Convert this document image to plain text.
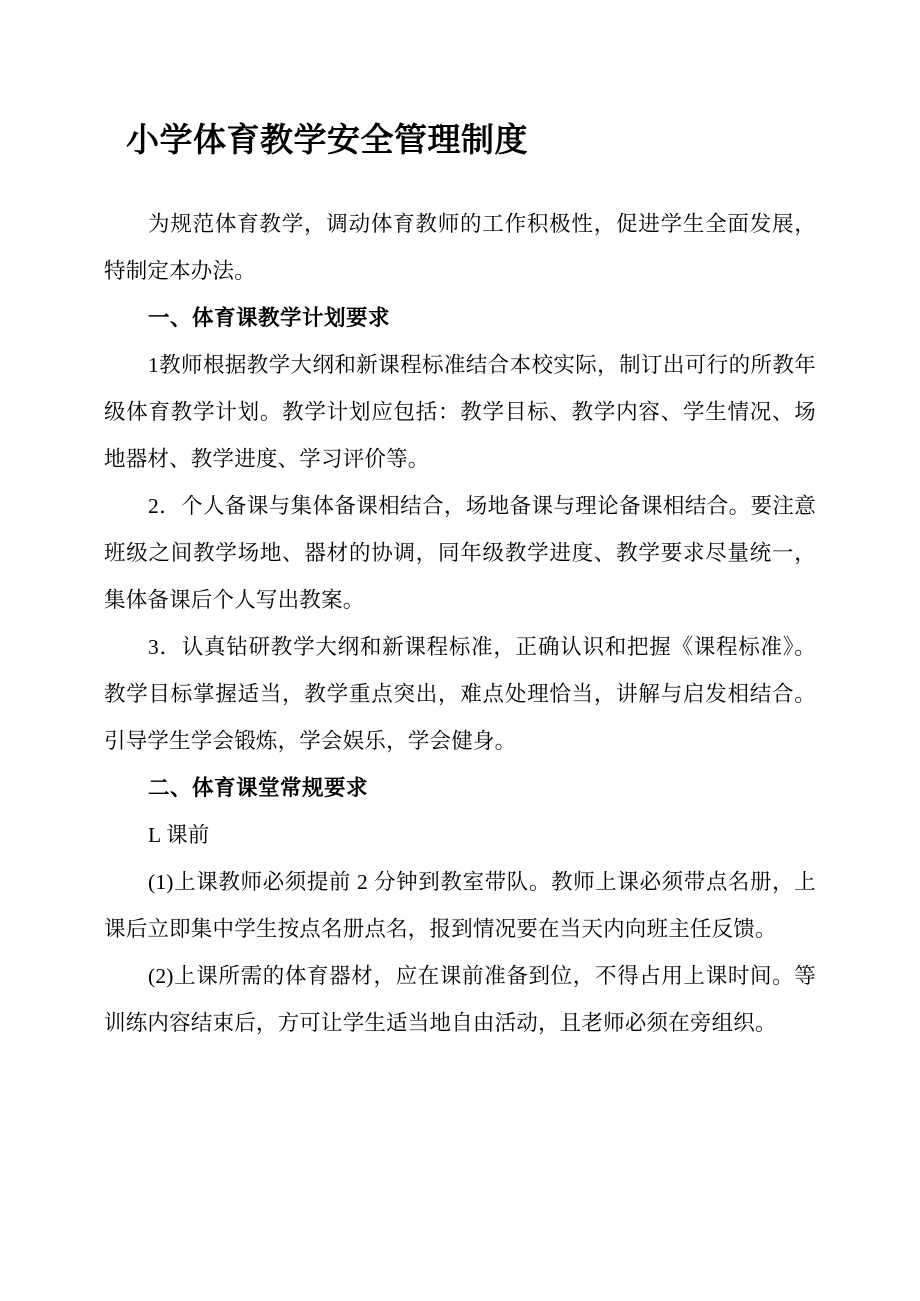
小学体育教学安全管理制度

为规范体育教学，调动体育教师的工作积极性，促进学生全面发展，特制定本办法。

一、体育课教学计划要求

1教师根据教学大纲和新课程标准结合本校实际，制订出可行的所教年级体育教学计划。教学计划应包括：教学目标、教学内容、学生情况、场地器材、教学进度、学习评价等。

2．个人备课与集体备课相结合，场地备课与理论备课相结合。要注意班级之间教学场地、器材的协调，同年级教学进度、教学要求尽量统一，集体备课后个人写出教案。

3．认真钻研教学大纲和新课程标准，正确认识和把握《课程标准》。教学目标掌握适当，教学重点突出，难点处理恰当，讲解与启发相结合。引导学生学会锻炼，学会娱乐，学会健身。

二、体育课堂常规要求

L 课前

(1)上课教师必须提前 2 分钟到教室带队。教师上课必须带点名册，上课后立即集中学生按点名册点名，报到情况要在当天内向班主任反馈。

(2)上课所需的体育器材，应在课前准备到位，不得占用上课时间。等训练内容结束后，方可让学生适当地自由活动，且老师必须在旁组织。
